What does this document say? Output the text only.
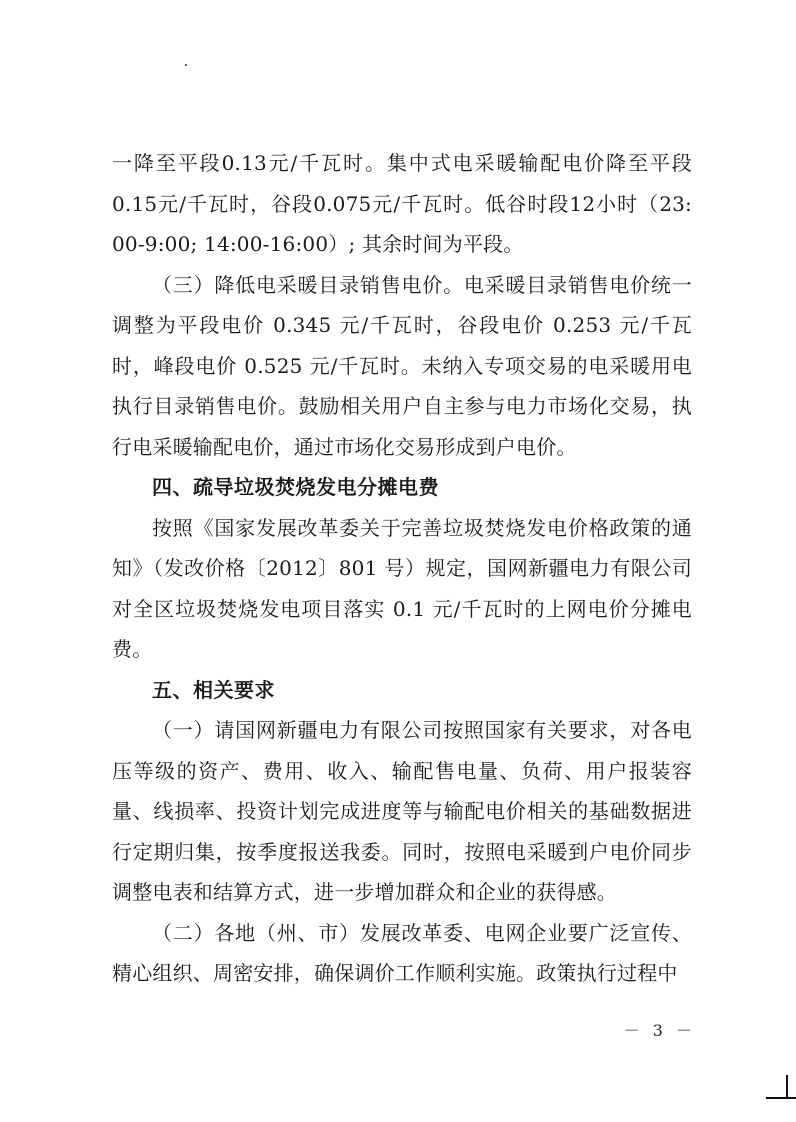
一降至平段0.13元/千瓦时。集中式电采暖输配电价降至平段0.15元/千瓦时，谷段0.075元/千瓦时。低谷时段12小时（23: 00-9:00; 14:00-16:00）; 其余时间为平段。

（三）降低电采暖目录销售电价。电采暖目录销售电价统一调整为平段电价 0.345 元/千瓦时，谷段电价 0.253 元/千瓦时，峰段电价 0.525 元/千瓦时。未纳入专项交易的电采暖用电执行目录销售电价。鼓励相关用户自主参与电力市场化交易，执行电采暖输配电价，通过市场化交易形成到户电价。

四、疏导垃圾焚烧发电分摊电费

按照《国家发展改革委关于完善垃圾焚烧发电价格政策的通知》（发改价格〔2012〕801 号）规定，国网新疆电力有限公司对全区垃圾焚烧发电项目落实 0.1 元/千瓦时的上网电价分摊电费。

五、相关要求

（一）请国网新疆电力有限公司按照国家有关要求，对各电压等级的资产、费用、收入、输配售电量、负荷、用户报装容量、线损率、投资计划完成进度等与输配电价相关的基础数据进行定期归集，按季度报送我委。同时，按照电采暖到户电价同步调整电表和结算方式，进一步增加群众和企业的获得感。

（二）各地（州、市）发展改革委、电网企业要广泛宣传、精心组织、周密安排，确保调价工作顺利实施。政策执行过程中

－ 3 －
